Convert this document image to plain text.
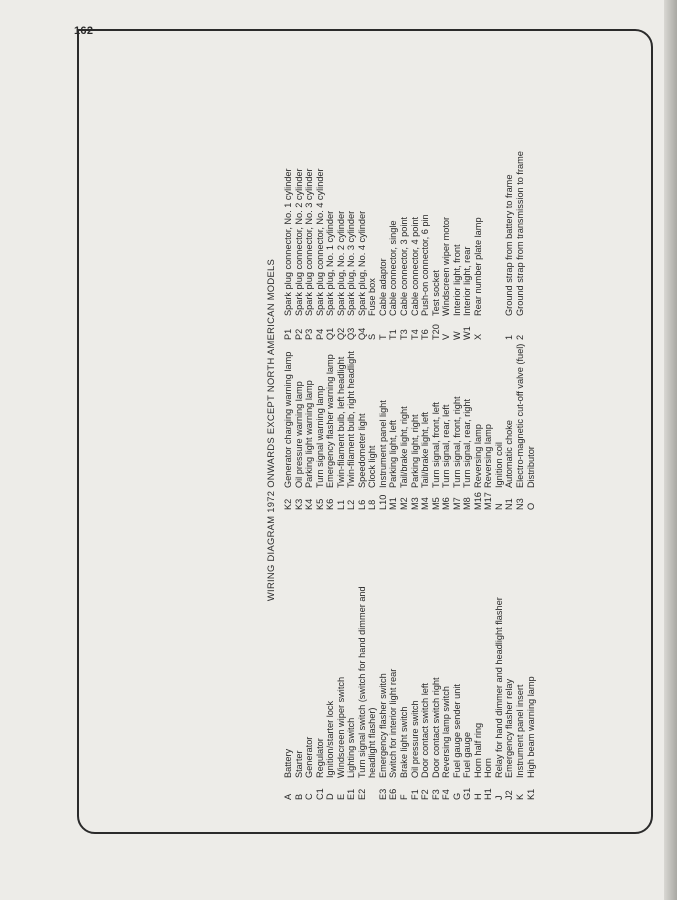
162
WIRING DIAGRAM 1972 ONWARDS EXCEPT NORTH AMERICAN MODELS
A
Battery
B
Starter
C
Generator
C1
Regulator
D
Ignition/starter lock
E
Windscreen wiper switch
E1
Lighting switch
E2
Turn signal switch (switch for hand dimmer and headlight flasher)
E3
Emergency flasher switch
E6
Switch for interior light rear
F
Brake light switch
F1
Oil pressure switch
F2
Door contact switch left
F3
Door contact switch right
F4
Reversing lamp switch
G
Fuel gauge sender unit
G1
Fuel gauge
H
Horn half ring
H1
Horn
J
Relay for hand dimmer and headlight flasher
J2
Emergency flasher relay
K
Instrument panel insert
K1
High beam warning lamp
K2
Generator charging warning lamp
K3
Oil pressure warning lamp
K4
Parking light warning lamp
K5
Turn signal warning lamp
K6
Emergency flasher warning lamp
L1
Twin-filament bulb, left headlight
L2
Twin-filament bulb, right headlight
L6
Speedometer light
L8
Clock light
L10
Instrument panel light
M1
Parking light, left
M2
Tail/brake light, right
M3
Parking light, right
M4
Tail/brake light, left
M5
Turn signal, front, left
M6
Turn signal, rear, left
M7
Turn signal, front, right
M8
Turn signal, rear, right
M16
Reversing lamp
M17
Reversing lamp
N
Ignition coil
N1
Automatic choke
N3
Electro-magnetic cut-off valve (fuel)
O
Distributor
P1
Spark plug connector, No. 1 cylinder
P2
Spark plug connector, No. 2 cylinder
P3
Spark plug connector, No. 3 cylinder
P4
Spark plug connector, No. 4 cylinder
Q1
Spark plug, No. 1 cylinder
Q2
Spark plug, No. 2 cylinder
Q3
Spark plug, No. 3 cylinder
Q4
Spark plug, No. 4 cylinder
S
Fuse box
T
Cable adaptor
T1
Cable connector, single
T3
Cable connector, 3 point
T4
Cable connector, 4 point
T6
Push-on connector, 6 pin
T20
Test socket
V
Windscreen wiper motor
W
Interior light, front
W1
Interior light, rear
X
Rear number plate lamp
1
Ground strap from battery to frame
2
Ground strap from transmission to frame
